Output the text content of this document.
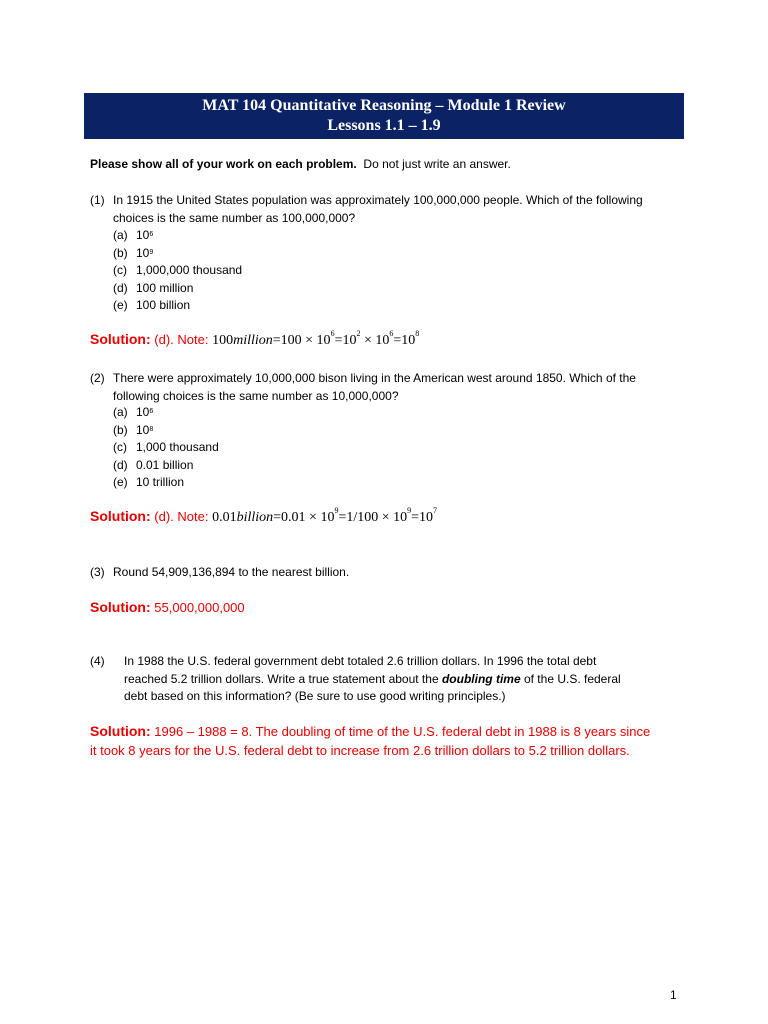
MAT 104 Quantitative Reasoning – Module 1 Review
Lessons 1.1 – 1.9
Please show all of your work on each problem. Do not just write an answer.
(1) In 1915 the United States population was approximately 100,000,000 people. Which of the following
choices is the same number as 100,000,000?
(a) $10^6$
(b) $10^9$
(c) 1,000,000 thousand
(d) 100 million
(e) 100 billion
Solution: (d). Note: 100million=100 × $10^6=10^2 \times 10^6=10^8$
(2) There were approximately 10,000,000 bison living in the American west around 1850. Which of the
following choices is the same number as 10,000,000?
(a) $10^6$
(b) $10^8$
(c) 1,000 thousand
(d) 0.01 billion
(e) 10 trillion
Solution: (d). Note: 0.01billion=0.01 × $10^9=1/100 \times 10^9=10^7$
(3) Round 54,909,136,894 to the nearest billion.
Solution: 55,000,000,000
(4) In 1988 the U.S. federal government debt totaled 2.6 trillion dollars. In 1996 the total debt
reached 5.2 trillion dollars. Write a true statement about the doubling time of the U.S. federal
debt based on this information? (Be sure to use good writing principles.)
Solution: 1996 – 1988 = 8. The doubling of time of the U.S. federal debt in 1988 is 8 years since
it took 8 years for the U.S. federal debt to increase from 2.6 trillion dollars to 5.2 trillion dollars.
1
